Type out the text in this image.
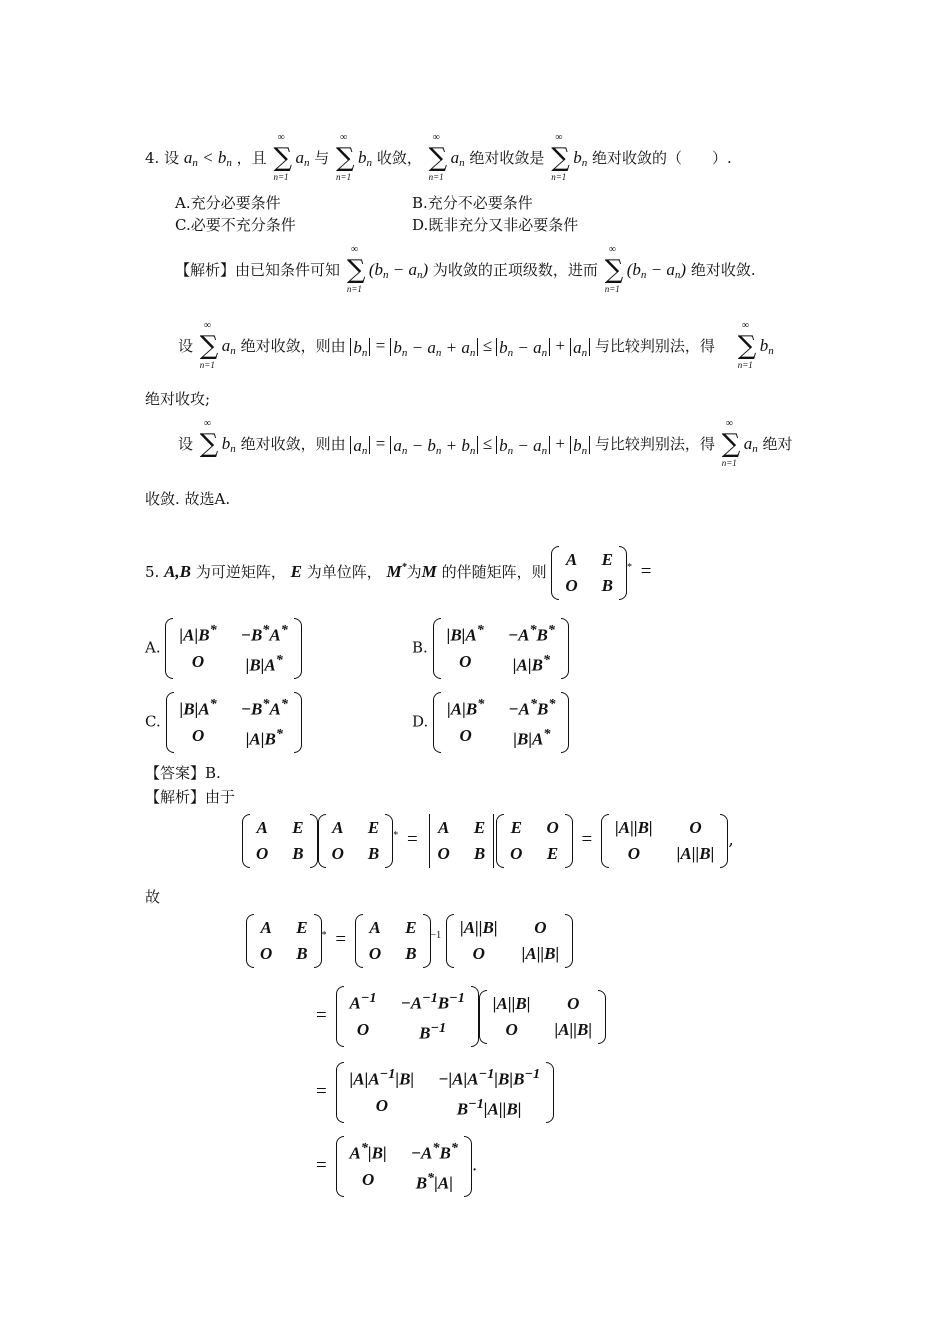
4. 设 $a_n < b_n$ ，且
∞
∑
n=1
$a_n$ 与
∞
∑
n=1
$b_n$ 收敛，
∞
∑
n=1
$a_n$ 绝对收敛是
∞
∑
n=1
$b_n$ 绝对收敛的（　　）.
A.充分必要条件	B.充分不必要条件
C.必要不充分条件	D.既非充分又非必要条件
【解析】由已知条件可知
∞
∑
n=1
$(b_n - a_n)$ 为收敛的正项级数，进而
∞
∑
n=1
$(b_n - a_n)$ 绝对收敛.
设
∞
∑
n=1
$a_n$ 绝对收敛，则由 $b_n = b_n - a_n + a_n \le b_n - a_n + a_n$ 与比较判别法，得
∞
∑
n=1
$b_n$
绝对收攻;
设
∞
∑ $b_n$ 绝对收敛，则由 $a_n = a_n - b_n + b_n \le b_n - a_n + b_n$ 与比较判别法，得
∞
∑
n=1
$a_n$ 绝对
收敛. 故选A.
5. A,B 为可逆矩阵， E 为单位阵， M*为M 的伴随矩阵，则
A E
O B
* =
A.
|A|B* −B*A*
O	|B|A*
B.
|B|A* −A*B*
O	|A|B*
C.
|B|A* −B*A*
O	|A|B*
D.
|A|B* −A*B*
O	|B|A*
【答案】B.
【解析】由于
A E
O B
A E
O B
* =
A E
O B
E O
O E
=
|A||B|	O
O	|A||B|
,
故
A E
O B
* =
A E
O B
$^{-1}$ |A||B|	O
O	|A||B|
=
$A^{-1} -A^{-1}B^{-1}$
O	$B^{-1}$
|A||B|	O
O	|A||B|
=
$|A|A^{-1}|B| -|A|A^{-1}|B|B^{-1}$
O	$B^{-1}|A||B|$
=
A*|B| −A*B*
O	B*|A|
.
